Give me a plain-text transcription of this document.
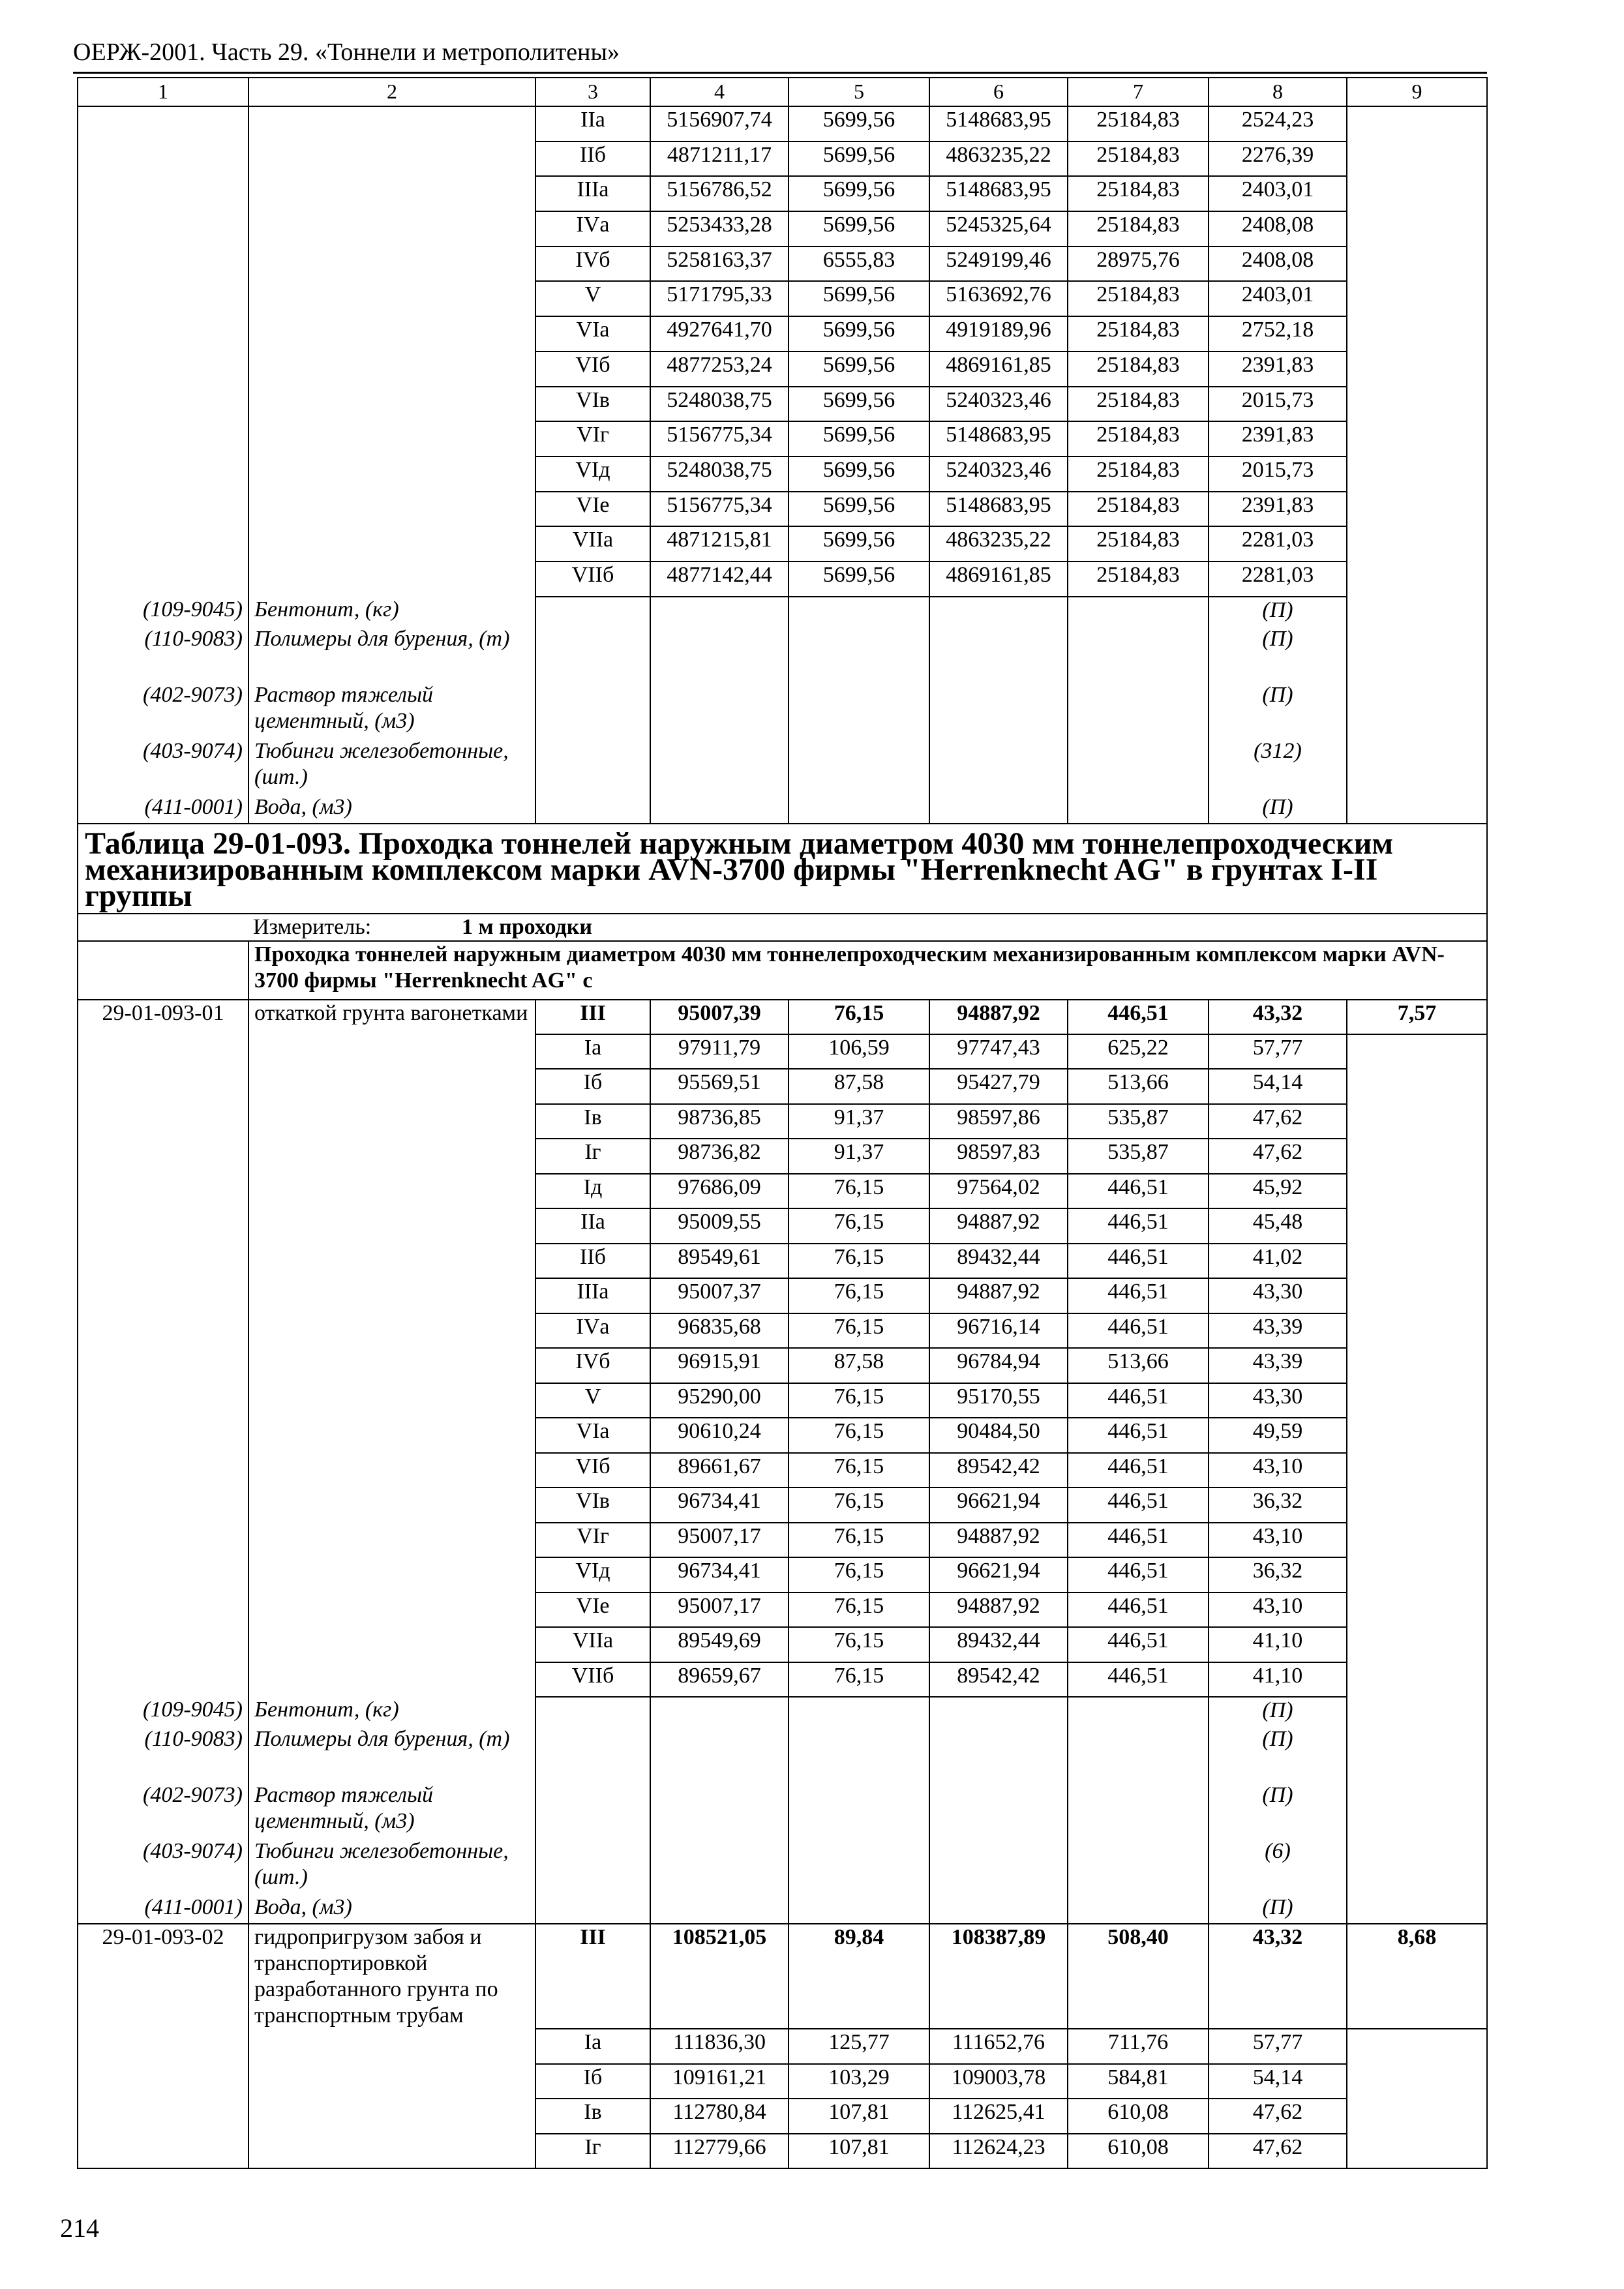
ОЕРЖ-2001. Часть 29. «Тоннели и метрополитены»
1	2	3	4	5	6	7	8	9
		IIа	5156907,74	5699,56	5148683,95	25184,83	2524,23	
		IIб	4871211,17	5699,56	4863235,22	25184,83	2276,39	
		IIIа	5156786,52	5699,56	5148683,95	25184,83	2403,01	
		IVа	5253433,28	5699,56	5245325,64	25184,83	2408,08	
		IVб	5258163,37	6555,83	5249199,46	28975,76	2408,08	
		V	5171795,33	5699,56	5163692,76	25184,83	2403,01	
		VIа	4927641,70	5699,56	4919189,96	25184,83	2752,18	
		VIб	4877253,24	5699,56	4869161,85	25184,83	2391,83	
		VIв	5248038,75	5699,56	5240323,46	25184,83	2015,73	
		VIг	5156775,34	5699,56	5148683,95	25184,83	2391,83	
		VIд	5248038,75	5699,56	5240323,46	25184,83	2015,73	
		VIе	5156775,34	5699,56	5148683,95	25184,83	2391,83	
		VIIа	4871215,81	5699,56	4863235,22	25184,83	2281,03	
		VIIб	4877142,44	5699,56	4869161,85	25184,83	2281,03	
(109-9045)	Бентонит, (кг)						(П)	
(110-9083)	Полимеры для бурения, (т)						(П)	
(402-9073)	Раствор тяжелый цементный, (м3)						(П)	
(403-9074)	Тюбинги железобетонные, (шт.)						(312)	
(411-0001)	Вода, (м3)						(П)	
Таблица 29-01-093. Проходка тоннелей наружным диаметром 4030 мм тоннелепроходческим механизированным комплексом марки AVN-3700 фирмы "Herrenknecht AG" в грунтах I-II группы								
Измеритель: 1 м проходки								
	Проходка тоннелей наружным диаметром 4030 мм тоннелепроходческим механизированным комплексом марки AVN-3700 фирмы "Herrenknecht AG" с							
29-01-093-01	откаткой грунта вагонетками	III	95007,39	76,15	94887,92	446,51	43,32	7,57
		Iа	97911,79	106,59	97747,43	625,22	57,77	
		Iб	95569,51	87,58	95427,79	513,66	54,14	
		Iв	98736,85	91,37	98597,86	535,87	47,62	
		Iг	98736,82	91,37	98597,83	535,87	47,62	
		Iд	97686,09	76,15	97564,02	446,51	45,92	
		IIа	95009,55	76,15	94887,92	446,51	45,48	
		IIб	89549,61	76,15	89432,44	446,51	41,02	
		IIIа	95007,37	76,15	94887,92	446,51	43,30	
		IVа	96835,68	76,15	96716,14	446,51	43,39	
		IVб	96915,91	87,58	96784,94	513,66	43,39	
		V	95290,00	76,15	95170,55	446,51	43,30	
		VIа	90610,24	76,15	90484,50	446,51	49,59	
		VIб	89661,67	76,15	89542,42	446,51	43,10	
		VIв	96734,41	76,15	96621,94	446,51	36,32	
		VIг	95007,17	76,15	94887,92	446,51	43,10	
		VIд	96734,41	76,15	96621,94	446,51	36,32	
		VIе	95007,17	76,15	94887,92	446,51	43,10	
		VIIа	89549,69	76,15	89432,44	446,51	41,10	
		VIIб	89659,67	76,15	89542,42	446,51	41,10	
(109-9045)	Бентонит, (кг)						(П)	
(110-9083)	Полимеры для бурения, (т)						(П)	
(402-9073)	Раствор тяжелый цементный, (м3)						(П)	
(403-9074)	Тюбинги железобетонные, (шт.)						(6)	
(411-0001)	Вода, (м3)						(П)	
29-01-093-02	гидропригрузом забоя и транспортировкой разработанного грунта по транспортным трубам	III	108521,05	89,84	108387,89	508,40	43,32	8,68
		Iа	111836,30	125,77	111652,76	711,76	57,77	
		Iб	109161,21	103,29	109003,78	584,81	54,14	
		Iв	112780,84	107,81	112625,41	610,08	47,62	
		Iг	112779,66	107,81	112624,23	610,08	47,62	
214
